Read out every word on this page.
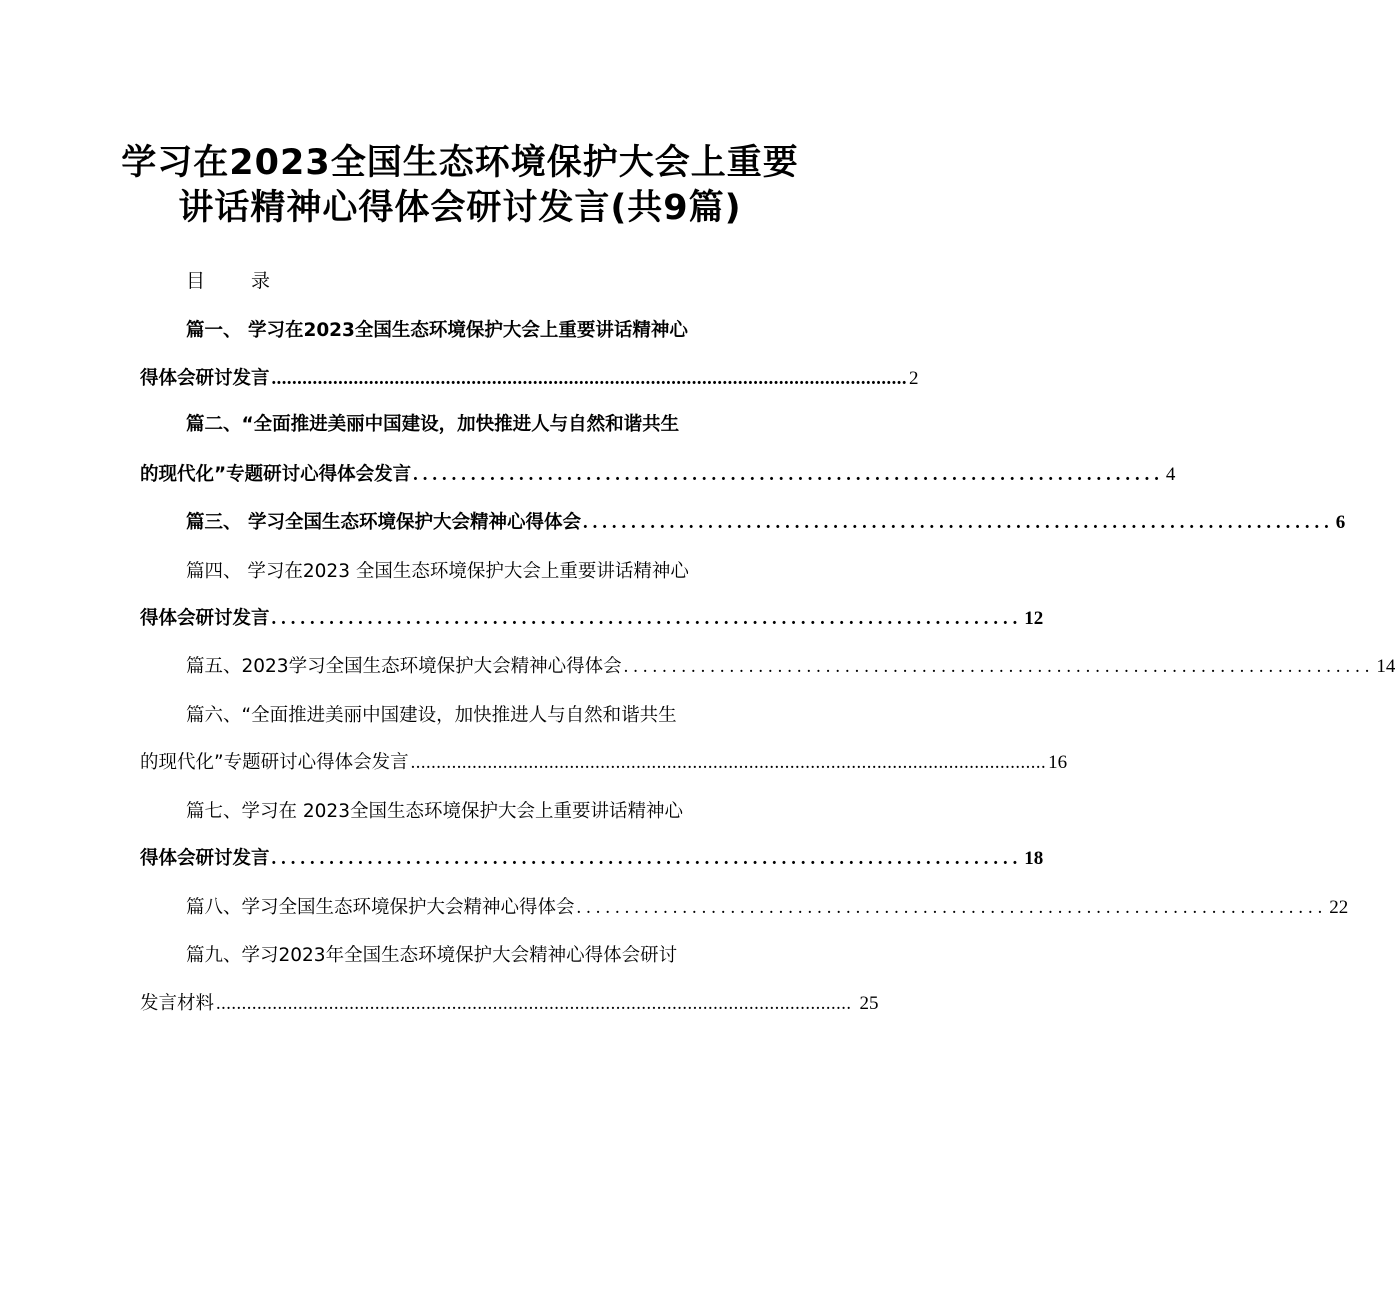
学习在2023全国生态环境保护大会上重要
讲话精神心得体会研讨发言(共9篇)
目 录
篇一、 学习在2023全国生态环境保护大会上重要讲话精神心
得体会研讨发言 ............................................................................................................................ 2
篇二、“全面推进美丽中国建设，加快推进人与自然和谐共生
的现代化”专题研讨心得体会发言 .............................................................................. 4
篇三、 学习全国生态环境保护大会精神心得体会 .............................................................................. 6
篇四、 学习在2023 全国生态环境保护大会上重要讲话精神心
得体会研讨发言 .............................................................................. 12
篇五、2023学习全国生态环境保护大会精神心得体会 .............................................................................. 14
篇六、“全面推进美丽中国建设，加快推进人与自然和谐共生
的现代化”专题研讨心得体会发言 ............................................................................................................................ 16
篇七、学习在 2023全国生态环境保护大会上重要讲话精神心
得体会研讨发言 .............................................................................. 18
篇八、学习全国生态环境保护大会精神心得体会 .............................................................................. 22
篇九、学习2023年全国生态环境保护大会精神心得体会研讨
发言材料 ............................................................................................................................ 25
